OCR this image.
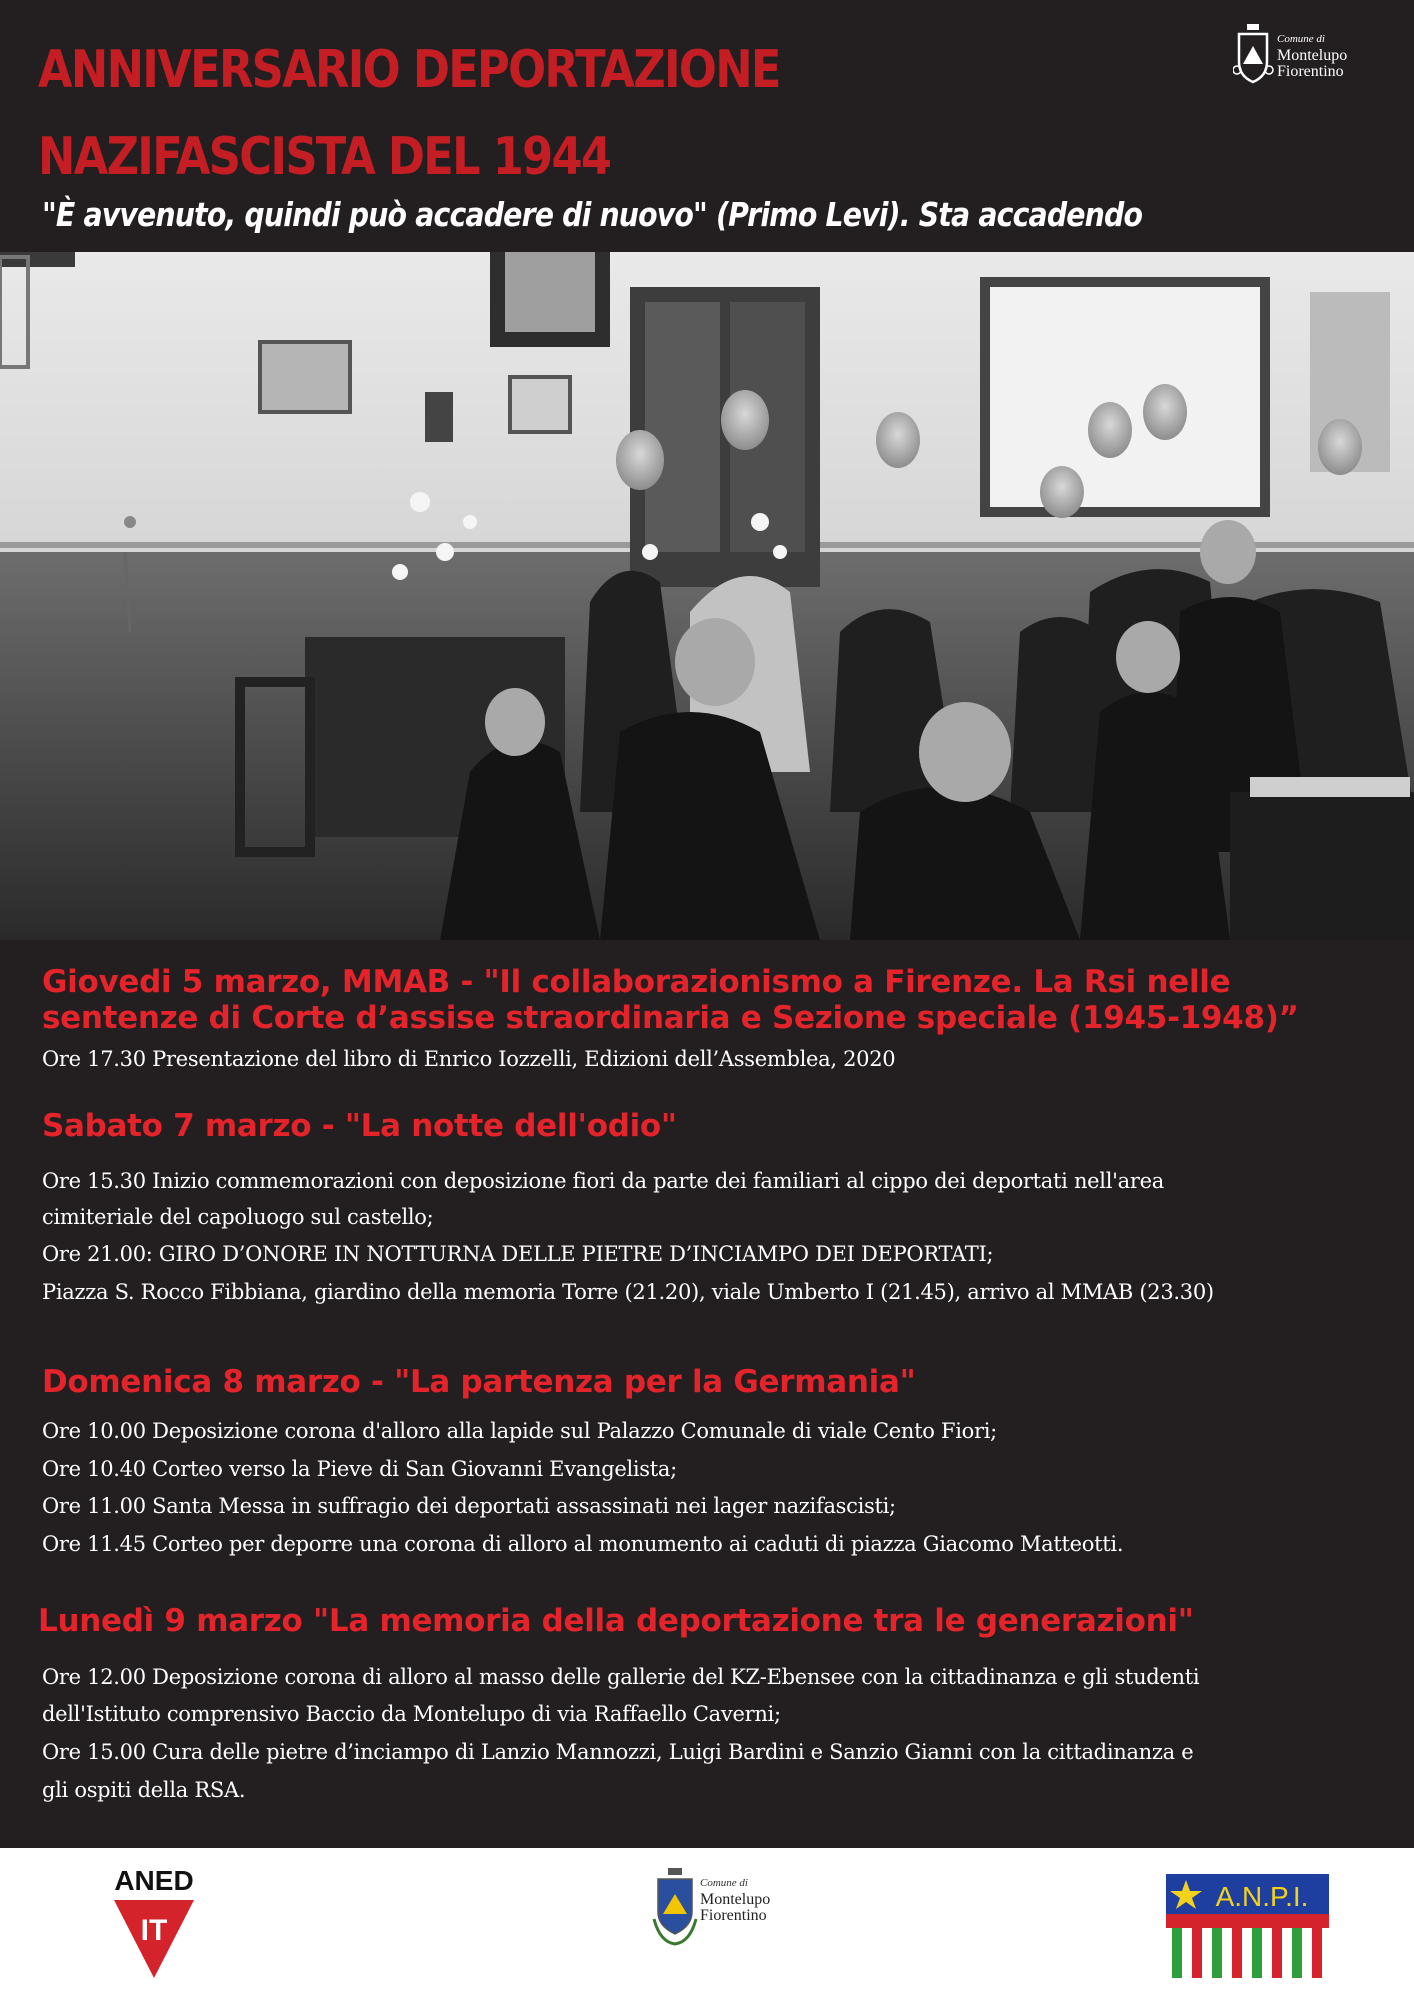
ANNIVERSARIO DEPORTAZIONE
NAZIFASCISTA DEL 1944

"È avvenuto, quindi può accadere di nuovo" (Primo Levi). Sta accadendo

Comune di
Montelupo
Fiorentino

Giovedi 5 marzo, MMAB - "Il collaborazionismo a Firenze. La Rsi nelle

sentenze di Corte d’assise straordinaria e Sezione speciale (1945-1948)”

Ore 17.30 Presentazione del libro di Enrico Iozzelli, Edizioni dell’Assemblea, 2020

Sabato 7 marzo - "La notte dell'odio"

Ore 15.30 Inizio commemorazioni con deposizione fiori da parte dei familiari al cippo dei deportati nell'area

cimiteriale del capoluogo sul castello;

Ore 21.00: GIRO D’ONORE IN NOTTURNA DELLE PIETRE D’INCIAMPO DEI DEPORTATI;

Piazza S. Rocco Fibbiana, giardino della memoria Torre (21.20), viale Umberto I (21.45), arrivo al MMAB (23.30)

Domenica 8 marzo - "La partenza per la Germania"

Ore 10.00 Deposizione corona d'alloro alla lapide sul Palazzo Comunale di viale Cento Fiori;

Ore 10.40 Corteo verso la Pieve di San Giovanni Evangelista;

Ore 11.00 Santa Messa in suffragio dei deportati assassinati nei lager nazifascisti;

Ore 11.45 Corteo per deporre una corona di alloro al monumento ai caduti di piazza Giacomo Matteotti.

Lunedì 9 marzo "La memoria della deportazione tra le generazioni"

Ore 12.00 Deposizione corona di alloro al masso delle gallerie del KZ-Ebensee con la cittadinanza e gli studenti

dell'Istituto comprensivo Baccio da Montelupo di via Raffaello Caverni;

Ore 15.00 Cura delle pietre d’inciampo di Lanzio Mannozzi, Luigi Bardini e Sanzio Gianni con la cittadinanza e

gli ospiti della RSA.

ANED
IT
Comune di
Montelupo
Fiorentino
A.N.P.I.
